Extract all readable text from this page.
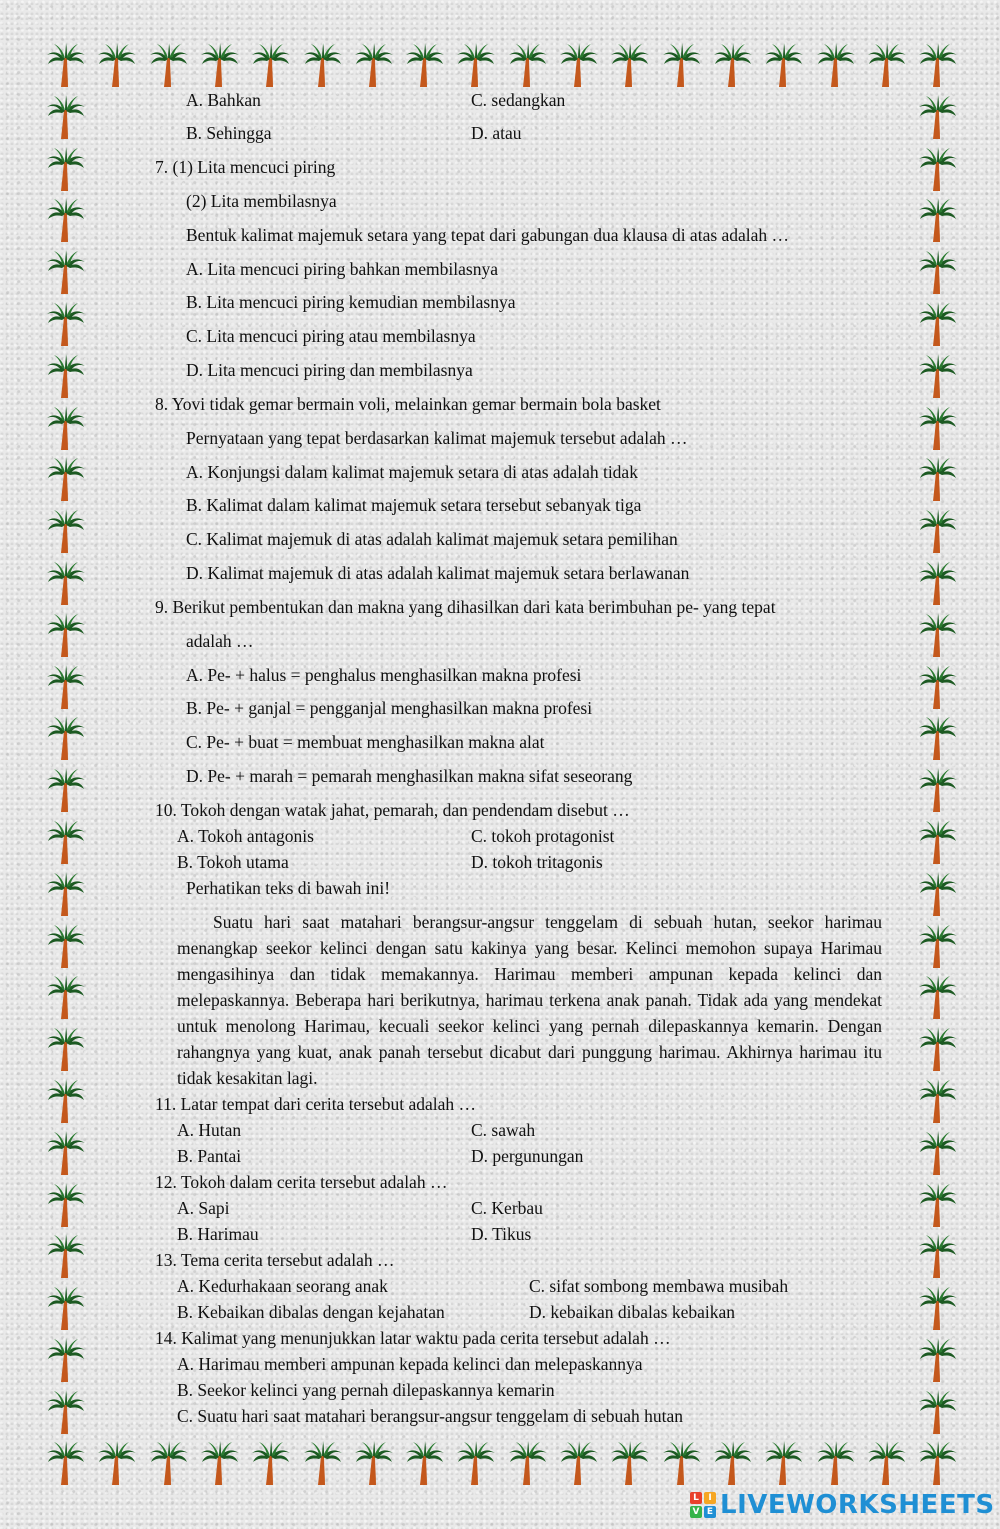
A. Bahkan	C. sedangkan
B. Sehingga	D. atau
7. (1) Lita mencuci piring
(2) Lita membilasnya
Bentuk kalimat majemuk setara yang tepat dari gabungan dua klausa di atas adalah …
A. Lita mencuci piring bahkan membilasnya
B. Lita mencuci piring kemudian membilasnya
C. Lita mencuci piring atau membilasnya
D. Lita mencuci piring dan membilasnya
8. Yovi tidak gemar bermain voli, melainkan gemar bermain bola basket
Pernyataan yang tepat berdasarkan kalimat majemuk tersebut adalah …
A. Konjungsi dalam kalimat majemuk setara di atas adalah tidak
B. Kalimat dalam kalimat majemuk setara tersebut sebanyak tiga
C. Kalimat majemuk di atas adalah kalimat majemuk setara pemilihan
D. Kalimat majemuk di atas adalah kalimat majemuk setara berlawanan
9. Berikut pembentukan dan makna yang dihasilkan dari kata berimbuhan pe- yang tepat
adalah …
A. Pe- + halus = penghalus menghasilkan makna profesi
B. Pe- + ganjal = pengganjal menghasilkan makna profesi
C. Pe- + buat = membuat menghasilkan makna alat
D. Pe- + marah = pemarah menghasilkan makna sifat seseorang
10. Tokoh dengan watak jahat, pemarah, dan pendendam disebut …
A. Tokoh antagonis	C. tokoh protagonist
B. Tokoh utama	D. tokoh tritagonis
Perhatikan teks di bawah ini!

Suatu hari saat matahari berangsur-angsur tenggelam di sebuah hutan, seekor harimau menangkap seekor kelinci dengan satu kakinya yang besar. Kelinci memohon supaya Harimau mengasihinya dan tidak memakannya. Harimau memberi ampunan kepada kelinci dan melepaskannya. Beberapa hari berikutnya, harimau terkena anak panah. Tidak ada yang mendekat untuk menolong Harimau, kecuali seekor kelinci yang pernah dilepaskannya kemarin. Dengan rahangnya yang kuat, anak panah tersebut dicabut dari punggung harimau. Akhirnya harimau itu tidak kesakitan lagi.

11. Latar tempat dari cerita tersebut adalah …
A. Hutan	C. sawah
B. Pantai	D. pergunungan
12. Tokoh dalam cerita tersebut adalah …
A. Sapi	C. Kerbau
B. Harimau	D. Tikus
13. Tema cerita tersebut adalah …
A. Kedurhakaan seorang anak	C. sifat sombong membawa musibah
B. Kebaikan dibalas dengan kejahatan	D. kebaikan dibalas kebaikan
14. Kalimat yang menunjukkan latar waktu pada cerita tersebut adalah …
A. Harimau memberi ampunan kepada kelinci dan melepaskannya
B. Seekor kelinci yang pernah dilepaskannya kemarin
C. Suatu hari saat matahari berangsur-angsur tenggelam di sebuah hutan
L	I
V E LIVEWORKSHEETS
